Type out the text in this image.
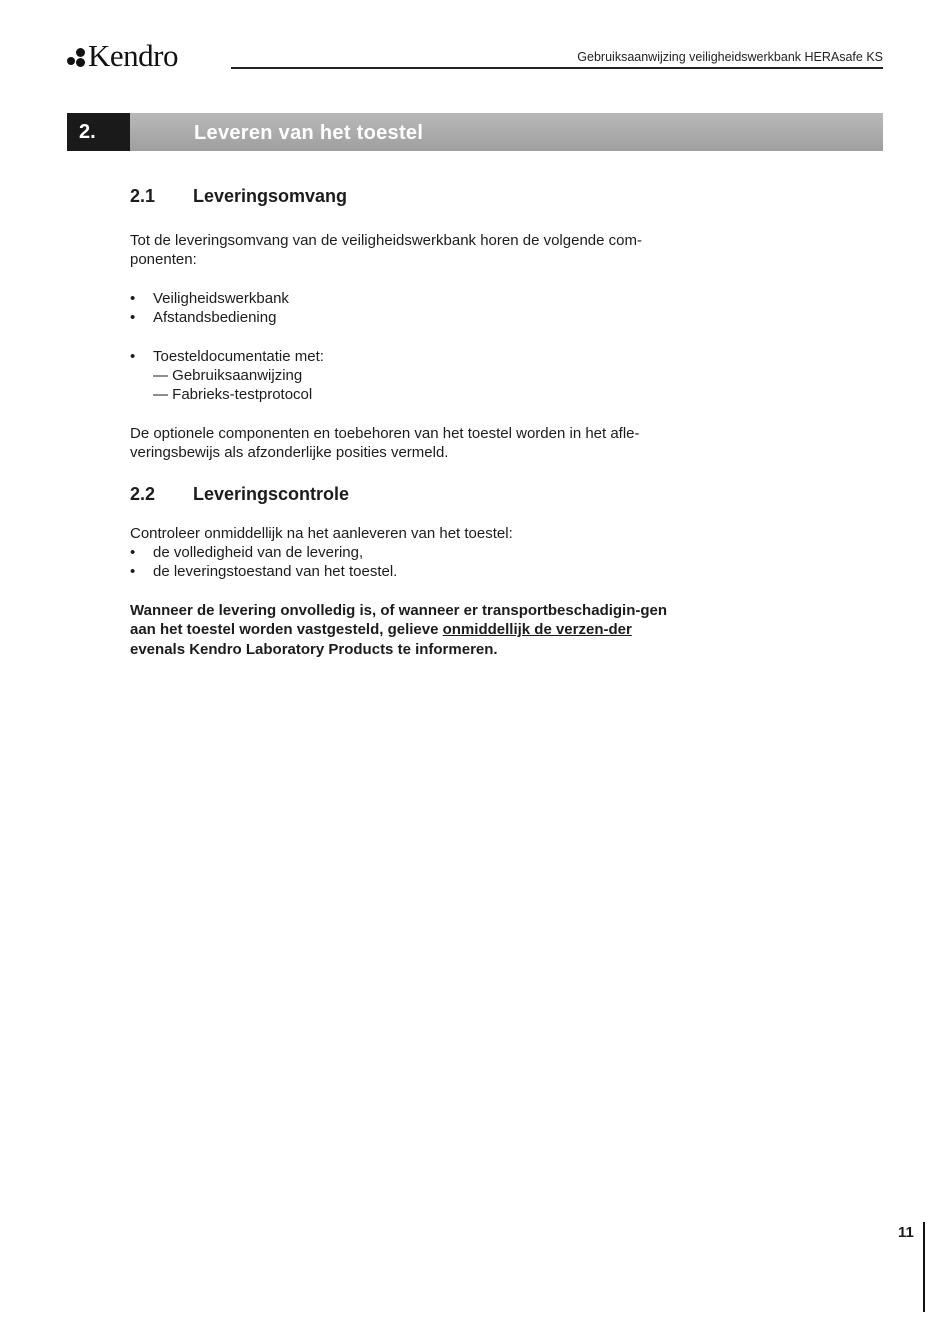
Kendro	Gebruiksaanwijzing veiligheidswerkbank HERAsafe KS
2.	Leveren van het toestel
2.1	Leveringsomvang

Tot de leveringsomvang van de veiligheidswerkbank horen de volgende com-ponenten:

• Veiligheidswerkbank
• Afstandsbediening
• Toesteldocumentatie met:
— Gebruiksaanwijzing
— Fabrieks-testprotocol

De optionele componenten en toebehoren van het toestel worden in het afle-veringsbewijs als afzonderlijke posities vermeld.

2.2	Leveringscontrole

Controleer onmiddellijk na het aanleveren van het toestel:

• de volledigheid van de levering,
• de leveringstoestand van het toestel.

Wanneer de levering onvolledig is, of wanneer er transportbeschadigin-gen aan het toestel worden vastgesteld, gelieve onmiddellijk de verzen-der evenals Kendro Laboratory Products te informeren.

11
